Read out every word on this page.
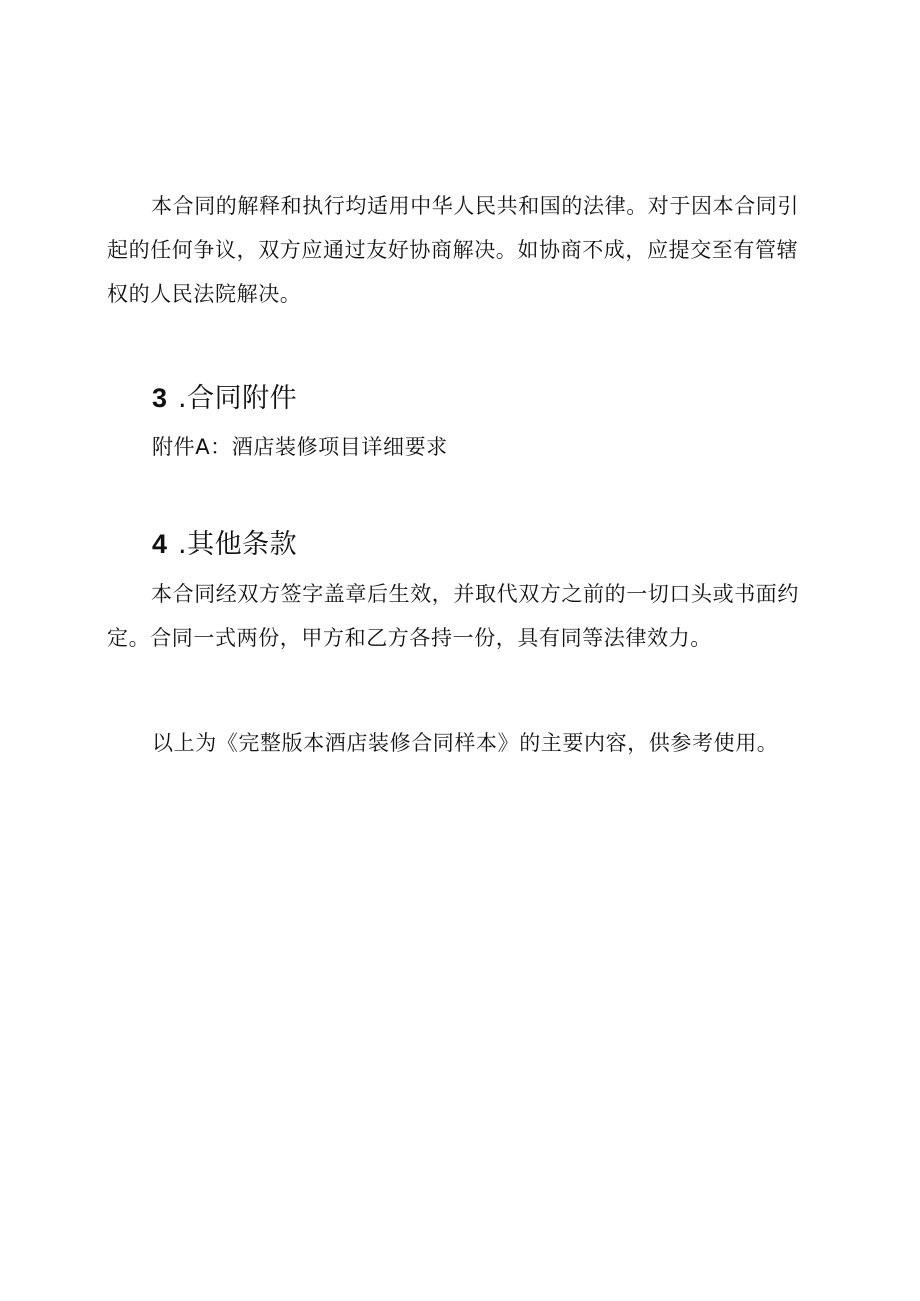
本合同的解释和执行均适用中华人民共和国的法律。对于因本合同引起的任何争议，双方应通过友好协商解决。如协商不成，应提交至有管辖权的人民法院解决。

3 .合同附件

附件A：酒店装修项目详细要求

4 .其他条款

本合同经双方签字盖章后生效，并取代双方之前的一切口头或书面约定。合同一式两份，甲方和乙方各持一份，具有同等法律效力。

以上为《完整版本酒店装修合同样本》的主要内容，供参考使用。
